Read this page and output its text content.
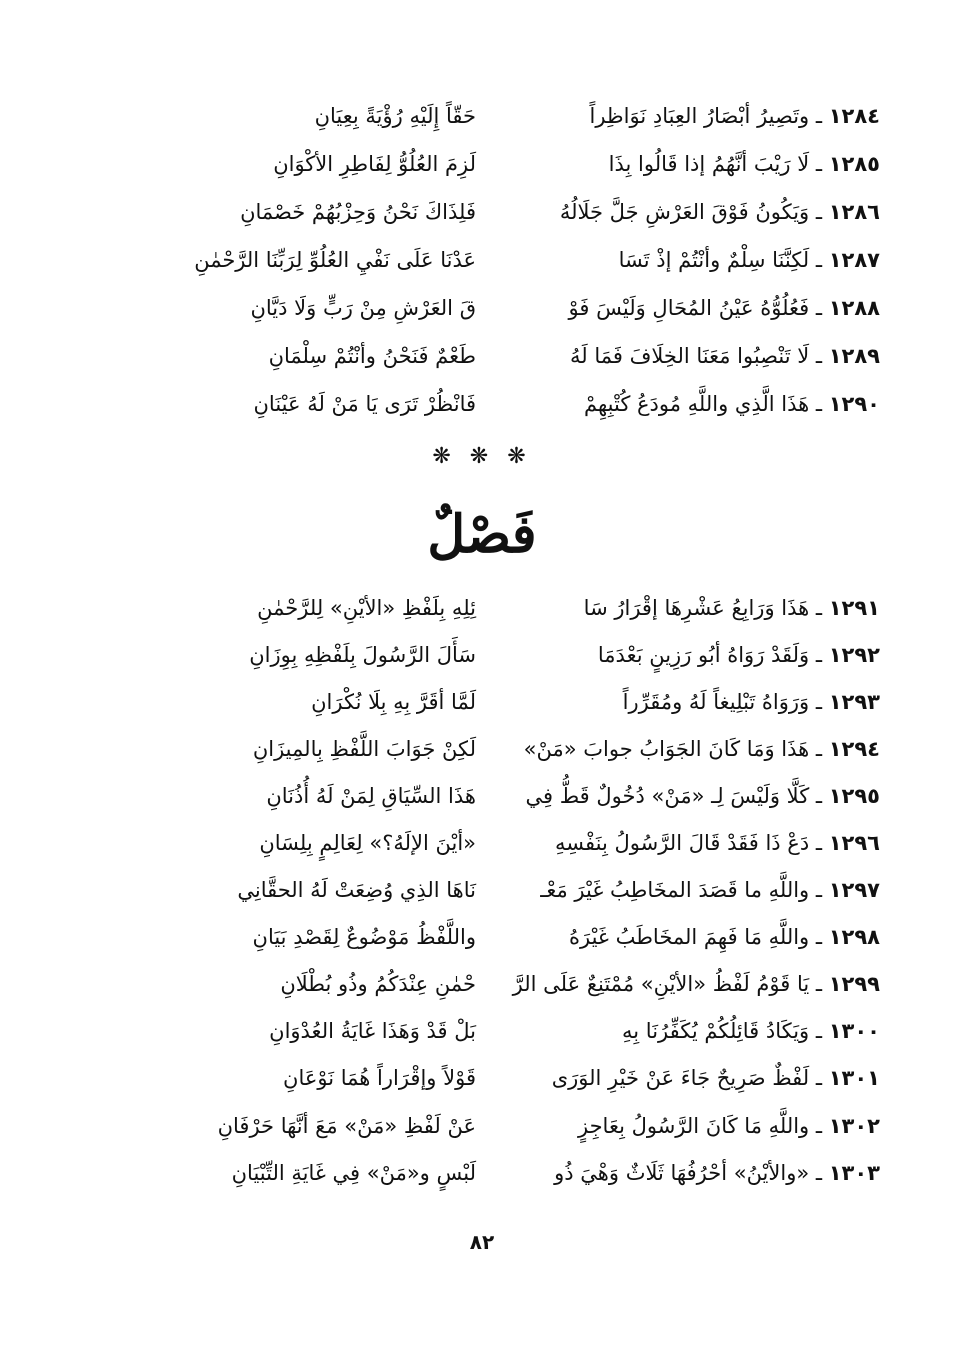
١٢٨٤ ـ وتَصِيرُ أبْصَارُ العِبَادِ نَوَاظِراً
حَقّاً إِلَيْهِ رُؤْيَةً بِعِيَانِ
١٢٨٥ ـ لَا رَيْبَ أنَّهُمُ إذا قَالُوا بِذَا
لَزِمَ العُلُوُّ لِفَاطِرِ الأكْوَانِ
١٢٨٦ ـ وَيَكُونُ فَوْقَ العَرْشِ جَلَّ جَلَالُهُ
فَلِذَاكَ نَحْنُ وَحِزْبُهُمْ خَصْمَانِ
١٢٨٧ ـ لَكِنَّنَا سِلْمٌ وأنْتُمْ إذْ تَسَا
عَدْنَا عَلَى نَفْيِ العُلُوِّ لِرَبِّنَا الرَّحْمٰنِ
١٢٨٨ ـ فَعُلُوُّهُ عَيْنُ المُحَالِ وَلَيْسَ فَوْ
قَ العَرْشِ مِنْ رَبٍّ وَلَا دَيَّانِ
١٢٨٩ ـ لَا تَنْصِبُوا مَعَنَا الخِلَافَ فَمَا لَهُ
طَعْمٌ فَنَحْنُ وأنْتُمْ سِلْمَانِ
١٢٩٠ ـ هَذَا الَّذِي واللَّهِ مُودَعُ كُتْبِهِمْ
فَانْظُرْ تَرَى يَا مَنْ لَهُ عَيْنَانِ
❋ ❋ ❋
فَصْلٌ
١٢٩١ ـ هَذَا وَرَابِعُ عَشْرِهَا إقْرَارُ سَا
ئِلِهِ بِلَفْظِ «الأيْنِ» لِلرَّحْمٰنِ
١٢٩٢ ـ وَلَقَدْ رَوَاهُ أبُو رَزِينٍ بَعْدَمَا
سَأَلَ الرَّسُولَ بِلَفْظِهِ بِوِزَانِ
١٢٩٣ ـ وَرَوَاهُ تَبْلِيغاً لَهُ ومُقَرِّراً
لَمَّا أقَرَّ بِهِ بِلَا نُكْرَانِ
١٢٩٤ ـ هَذَا وَمَا كَانَ الجَوَابُ جوابَ «مَنْ»
لَكِنْ جَوَابَ اللَّفْظِ بِالمِيزَانِ
١٢٩٥ ـ كَلَّا وَلَيْسَ لِـ «مَنْ» دُخُولٌ قَطُّ فِي
هَذَا السِّيَاقِ لِمَنْ لَهُ أُذُنَانِ
١٢٩٦ ـ دَعْ ذَا فَقَدْ قَالَ الرَّسُولُ بِنَفْسِهِ
«أيْنَ الإلَهُ؟» لِعَالِمٍ بِلِسَانِ
١٢٩٧ ـ واللَّهِ ما قَصَدَ المخَاطِبُ غَيْرَ مَعْـ
نَاهَا الذِي وُضِعَتْ لَهُ الحقَّانِي
١٢٩٨ ـ واللَّهِ مَا فَهِمَ المخَاطَبُ غَيْرَهُ
واللَّفْظُ مَوْضُوعٌ لِقَصْدِ بَيَانِ
١٢٩٩ ـ يَا قَوْمُ لَفْظُ «الأيْنِ» مُمْتَنِعٌ عَلَى الرَّ
حْمٰنِ عِنْدَكُمُ وذُو بُطْلَانِ
١٣٠٠ ـ وَيَكَادُ قَائِلُكُمْ يُكَفِّرُنَا بِهِ
بَلْ قَدْ وَهَذَا غَايَةُ العُدْوَانِ
١٣٠١ ـ لَفْظٌ صَرِيحٌ جَاءَ عَنْ خَيْرِ الوَرَى
قَوْلاً وإقْرَاراً هُمَا نَوْعَانِ
١٣٠٢ ـ واللَّهِ مَا كَانَ الرَّسُولُ بِعَاجِزٍ
عَنْ لَفْظِ «مَنْ» مَعَ أنَّهَا حَرْفَانِ
١٣٠٣ ـ «والأيْنُ» أحْرُفُهَا ثَلَاثٌ وَهْيَ ذُو
لَبْسٍ و«مَنْ» فِي غَايَةِ التِّبْيَانِ
٨٢
